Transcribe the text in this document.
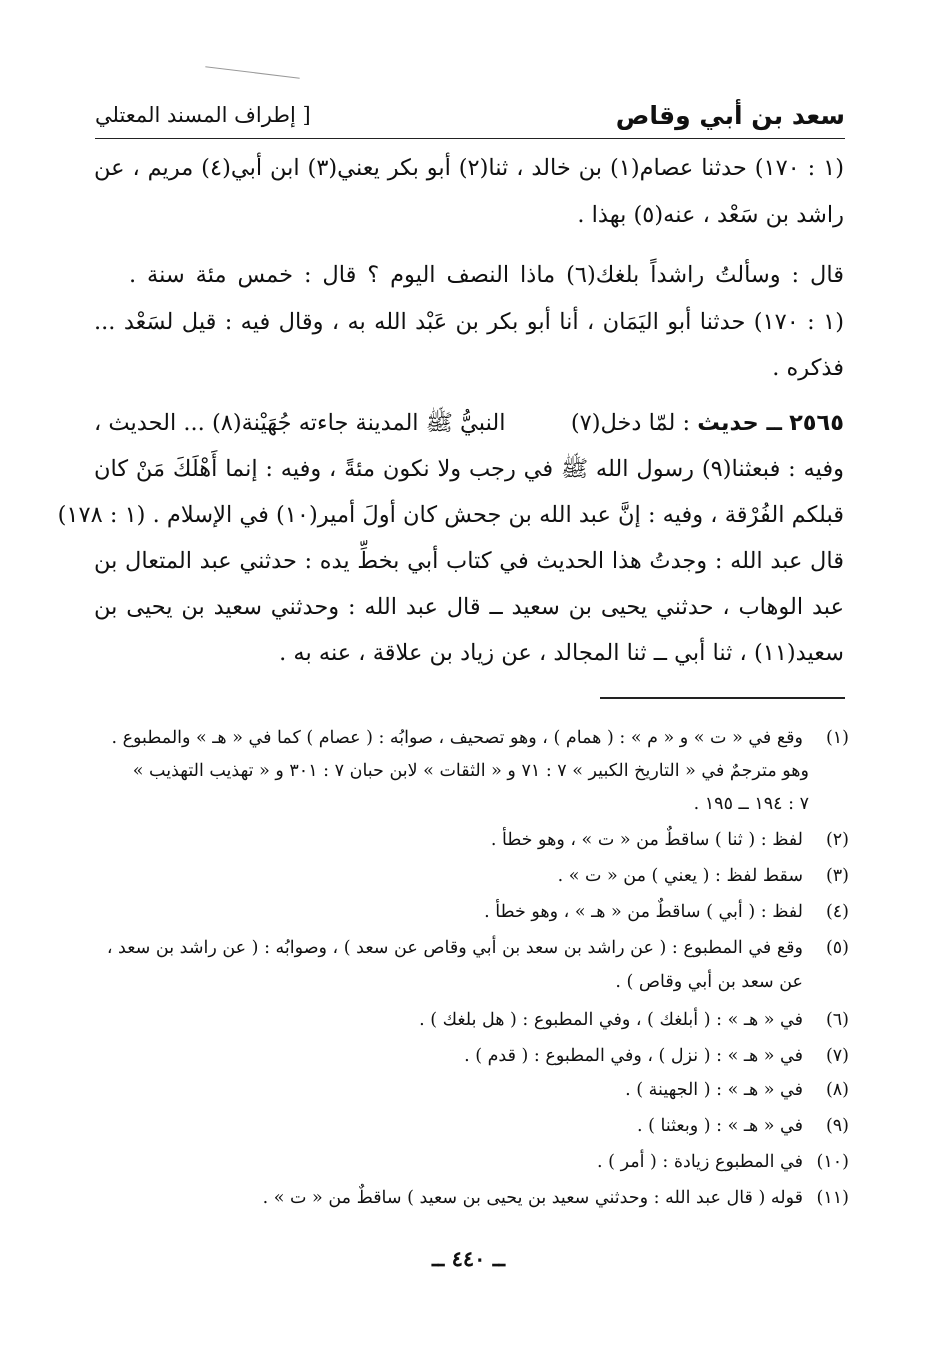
سعد بن أبي وقاص
[ إطراف المسند المعتلي
(١ : ١٧٠) حدثنا عصام(١) بن خالد ، ثنا(٢) أبو بكر يعني(٣) ابن أبي(٤) مريم ، عن
راشد بن سَعْد ، عنه(٥) بهذا .
قال : وسألتُ راشداً بلغك(٦) ماذا النصف اليوم ؟ قال : خمس مئة سنة .
(١ : ١٧٠) حدثنا أبو اليَمَان ، أنا أبو بكر بن عَبْد الله به ، وقال فيه : قيل لسَعْد ...
فذكره .
٢٥٦٥ ــ حديث : لمّا دخل(٧)
النبيُّ ﷺ المدينة جاءته جُهَيْنة(٨) ... الحديث ،
وفيه : فبعثنا(٩) رسول الله ﷺ في رجب ولا نكون مئةً ، وفيه : إنما أَهْلَكَ مَنْ كان
قبلكم الفُرْقة ، وفيه : إنَّ عبد الله بن جحش كان أولَ أمير(١٠) في الإسلام . (١ : ١٧٨)
قال عبد الله : وجدتُ هذا الحديث في كتاب أبي بخطِّ يده : حدثني عبد المتعال بن
عبد الوهاب ، حدثني يحيى بن سعيد ــ قال عبد الله : وحدثني سعيد بن يحيى بن
سعيد(١١) ، ثنا أبي ــ ثنا المجالد ، عن زياد بن علاقة ، عنه به .
(١)وقع في « ت » و « م » : ( همام ) ، وهو تصحيف ، صوابُه : ( عصام ) كما في « هـ » والمطبوع .
وهو مترجمٌ في « التاريخ الكبير » ٧ : ٧١ و « الثقات » لابن حبان ٧ : ٣٠١ و « تهذيب التهذيب »
٧ : ١٩٤ ــ ١٩٥ .
(٢)لفظ : ( ثنا ) ساقطٌ من « ت » ، وهو خطأ .
(٣)سقط لفظ : ( يعني ) من « ت » .
(٤)لفظ : ( أبي ) ساقطٌ من « هـ » ، وهو خطأ .
(٥)وقع في المطبوع : ( عن راشد بن سعد بن أبي وقاص عن سعد ) ، وصوابُه : ( عن راشد بن سعد ،
عن سعد بن أبي وقاص ) .
(٦)في « هـ » : ( أبلغك ) ، وفي المطبوع : ( هل بلغك ) .
(٧)في « هـ » : ( نزل ) ، وفي المطبوع : ( قدم ) .
(٨)في « هـ » : ( الجهينة ) .
(٩)في « هـ » : ( وبعثنا ) .
(١٠)في المطبوع زيادة : ( أمر ) .
(١١)قوله ( قال عبد الله : وحدثني سعيد بن يحيى بن سعيد ) ساقطٌ من « ت » .
ــ ٤٤٠ ــ
